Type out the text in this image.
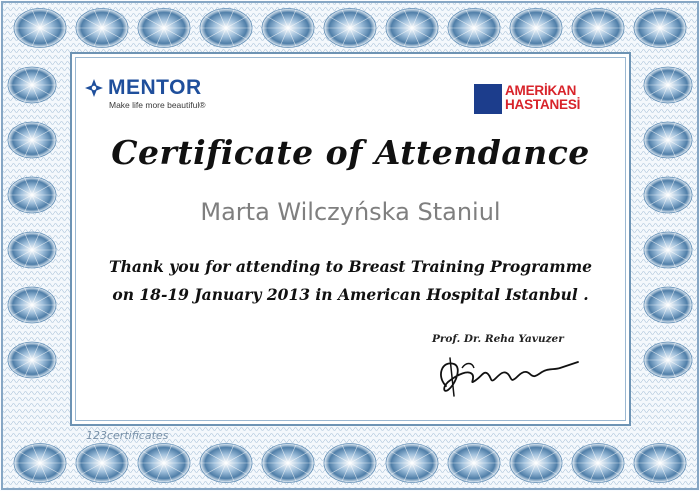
MENTOR
Make life more beautiful®
AMERİKAN
HASTANESİ
Certificate of Attendance
Marta Wilczyńska Staniul
Thank you for attending to Breast Training Programme
on 18-19 January 2013 in American Hospital Istanbul .
Prof. Dr. Reha Yavuzer
123certificates
